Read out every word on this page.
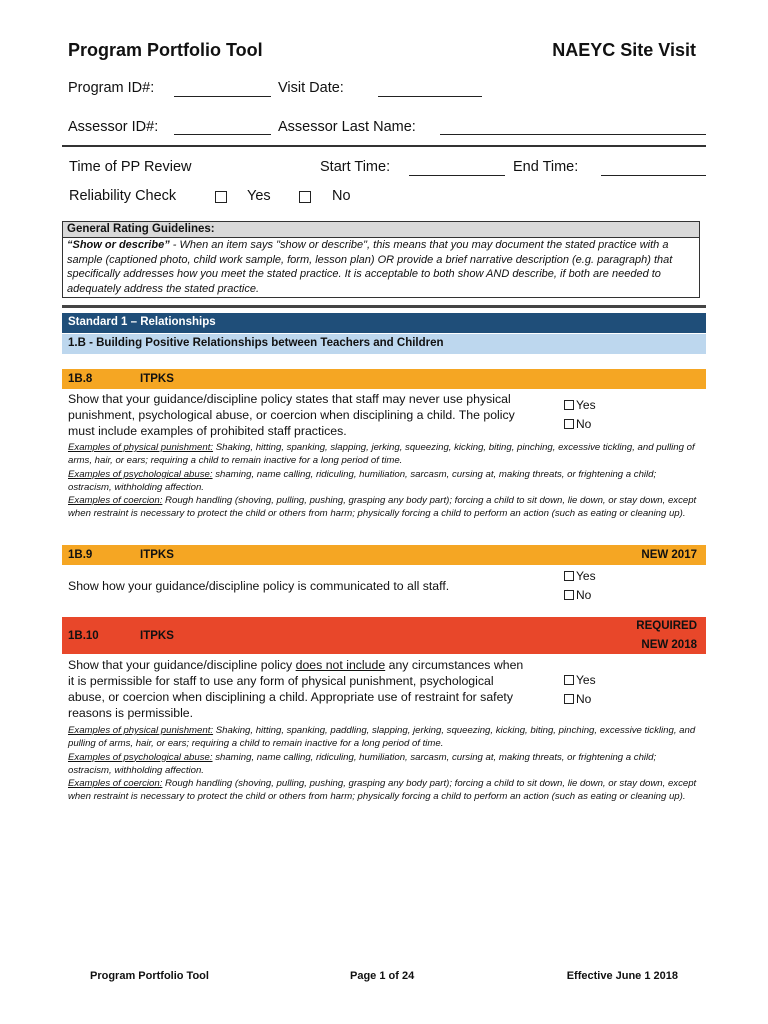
Program Portfolio Tool	NAEYC Site Visit
Program ID#:	Visit Date:
Assessor ID#:	Assessor Last Name:
Time of PP Review	Start Time:	End Time:
Reliability Check	Yes	No
General Rating Guidelines:
“Show or describe” - When an item says "show or describe", this means that you may document the stated practice with a sample (captioned photo, child work sample, form, lesson plan) OR provide a brief narrative description (e.g. paragraph) that specifically addresses how you meet the stated practice. It is acceptable to both show AND describe, if both are needed to adequately address the stated practice.
Standard 1 – Relationships
1.B - Building Positive Relationships between Teachers and Children
1B.8	ITPKS
Show that your guidance/discipline policy states that staff may never use physical punishment, psychological abuse, or coercion when disciplining a child. The policy must include examples of prohibited staff practices.
Yes
No
Examples of physical punishment: Shaking, hitting, spanking, slapping, jerking, squeezing, kicking, biting, pinching, excessive tickling, and pulling of arms, hair, or ears; requiring a child to remain inactive for a long period of time.
Examples of psychological abuse: shaming, name calling, ridiculing, humiliation, sarcasm, cursing at, making threats, or frightening a child; ostracism, withholding affection.
Examples of coercion: Rough handling (shoving, pulling, pushing, grasping any body part); forcing a child to sit down, lie down, or stay down, except when restraint is necessary to protect the child or others from harm; physically forcing a child to perform an action (such as eating or cleaning up).
1B.9	ITPKS	NEW 2017
Show how your guidance/discipline policy is communicated to all staff.
Yes
No
1B.10	ITPKS
REQUIRED
NEW 2018
Show that your guidance/discipline policy does not include any circumstances when it is permissible for staff to use any form of physical punishment, psychological abuse, or coercion when disciplining a child. Appropriate use of restraint for safety reasons is permissible.
Yes
No
Examples of physical punishment: Shaking, hitting, spanking, paddling, slapping, jerking, squeezing, kicking, biting, pinching, excessive tickling, and pulling of arms, hair, or ears; requiring a child to remain inactive for a long period of time.
Examples of psychological abuse: shaming, name calling, ridiculing, humiliation, sarcasm, cursing at, making threats, or frightening a child; ostracism, withholding affection.
Examples of coercion: Rough handling (shoving, pulling, pushing, grasping any body part); forcing a child to sit down, lie down, or stay down, except when restraint is necessary to protect the child or others from harm; physically forcing a child to perform an action (such as eating or cleaning up).
Program Portfolio Tool	Page 1 of 24	Effective June 1 2018
